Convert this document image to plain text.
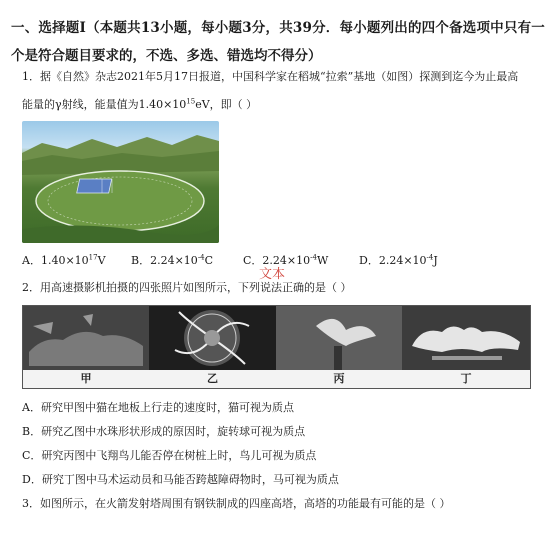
一、选择题Ⅰ（本题共13小题，每小题3分，共39分．每小题列出的四个备选项中只有一
个是符合题目要求的，不选、多选、错选均不得分）
1．据《自然》杂志2021年5月17日报道，中国科学家在稻城“拉索”基地（如图）探测到迄今为止最高
能量的γ射线，能量值为$1.40\times 10^{15}eV$，即（ ）
A．$1.40\times 10^{17}V$ B．$2.24\times 10^{-4}C$	C．$2.24\times 10^{-4}W$	D．$2.24\times 10^{-4}J$
文本
2．用高速摄影机拍摄的四张照片如图所示，下列说法正确的是（ ）
甲	乙	丙	丁
A．研究甲图中猫在地板上行走的速度时，猫可视为质点
B．研究乙图中水珠形状形成的原因时，旋转球可视为质点
C．研究丙图中飞翔鸟儿能否停在树桩上时，鸟儿可视为质点
D．研究丁图中马术运动员和马能否跨越障碍物时，马可视为质点
3．如图所示，在火箭发射塔周围有钢铁制成的四座高塔，高塔的功能最有可能的是（ ）
